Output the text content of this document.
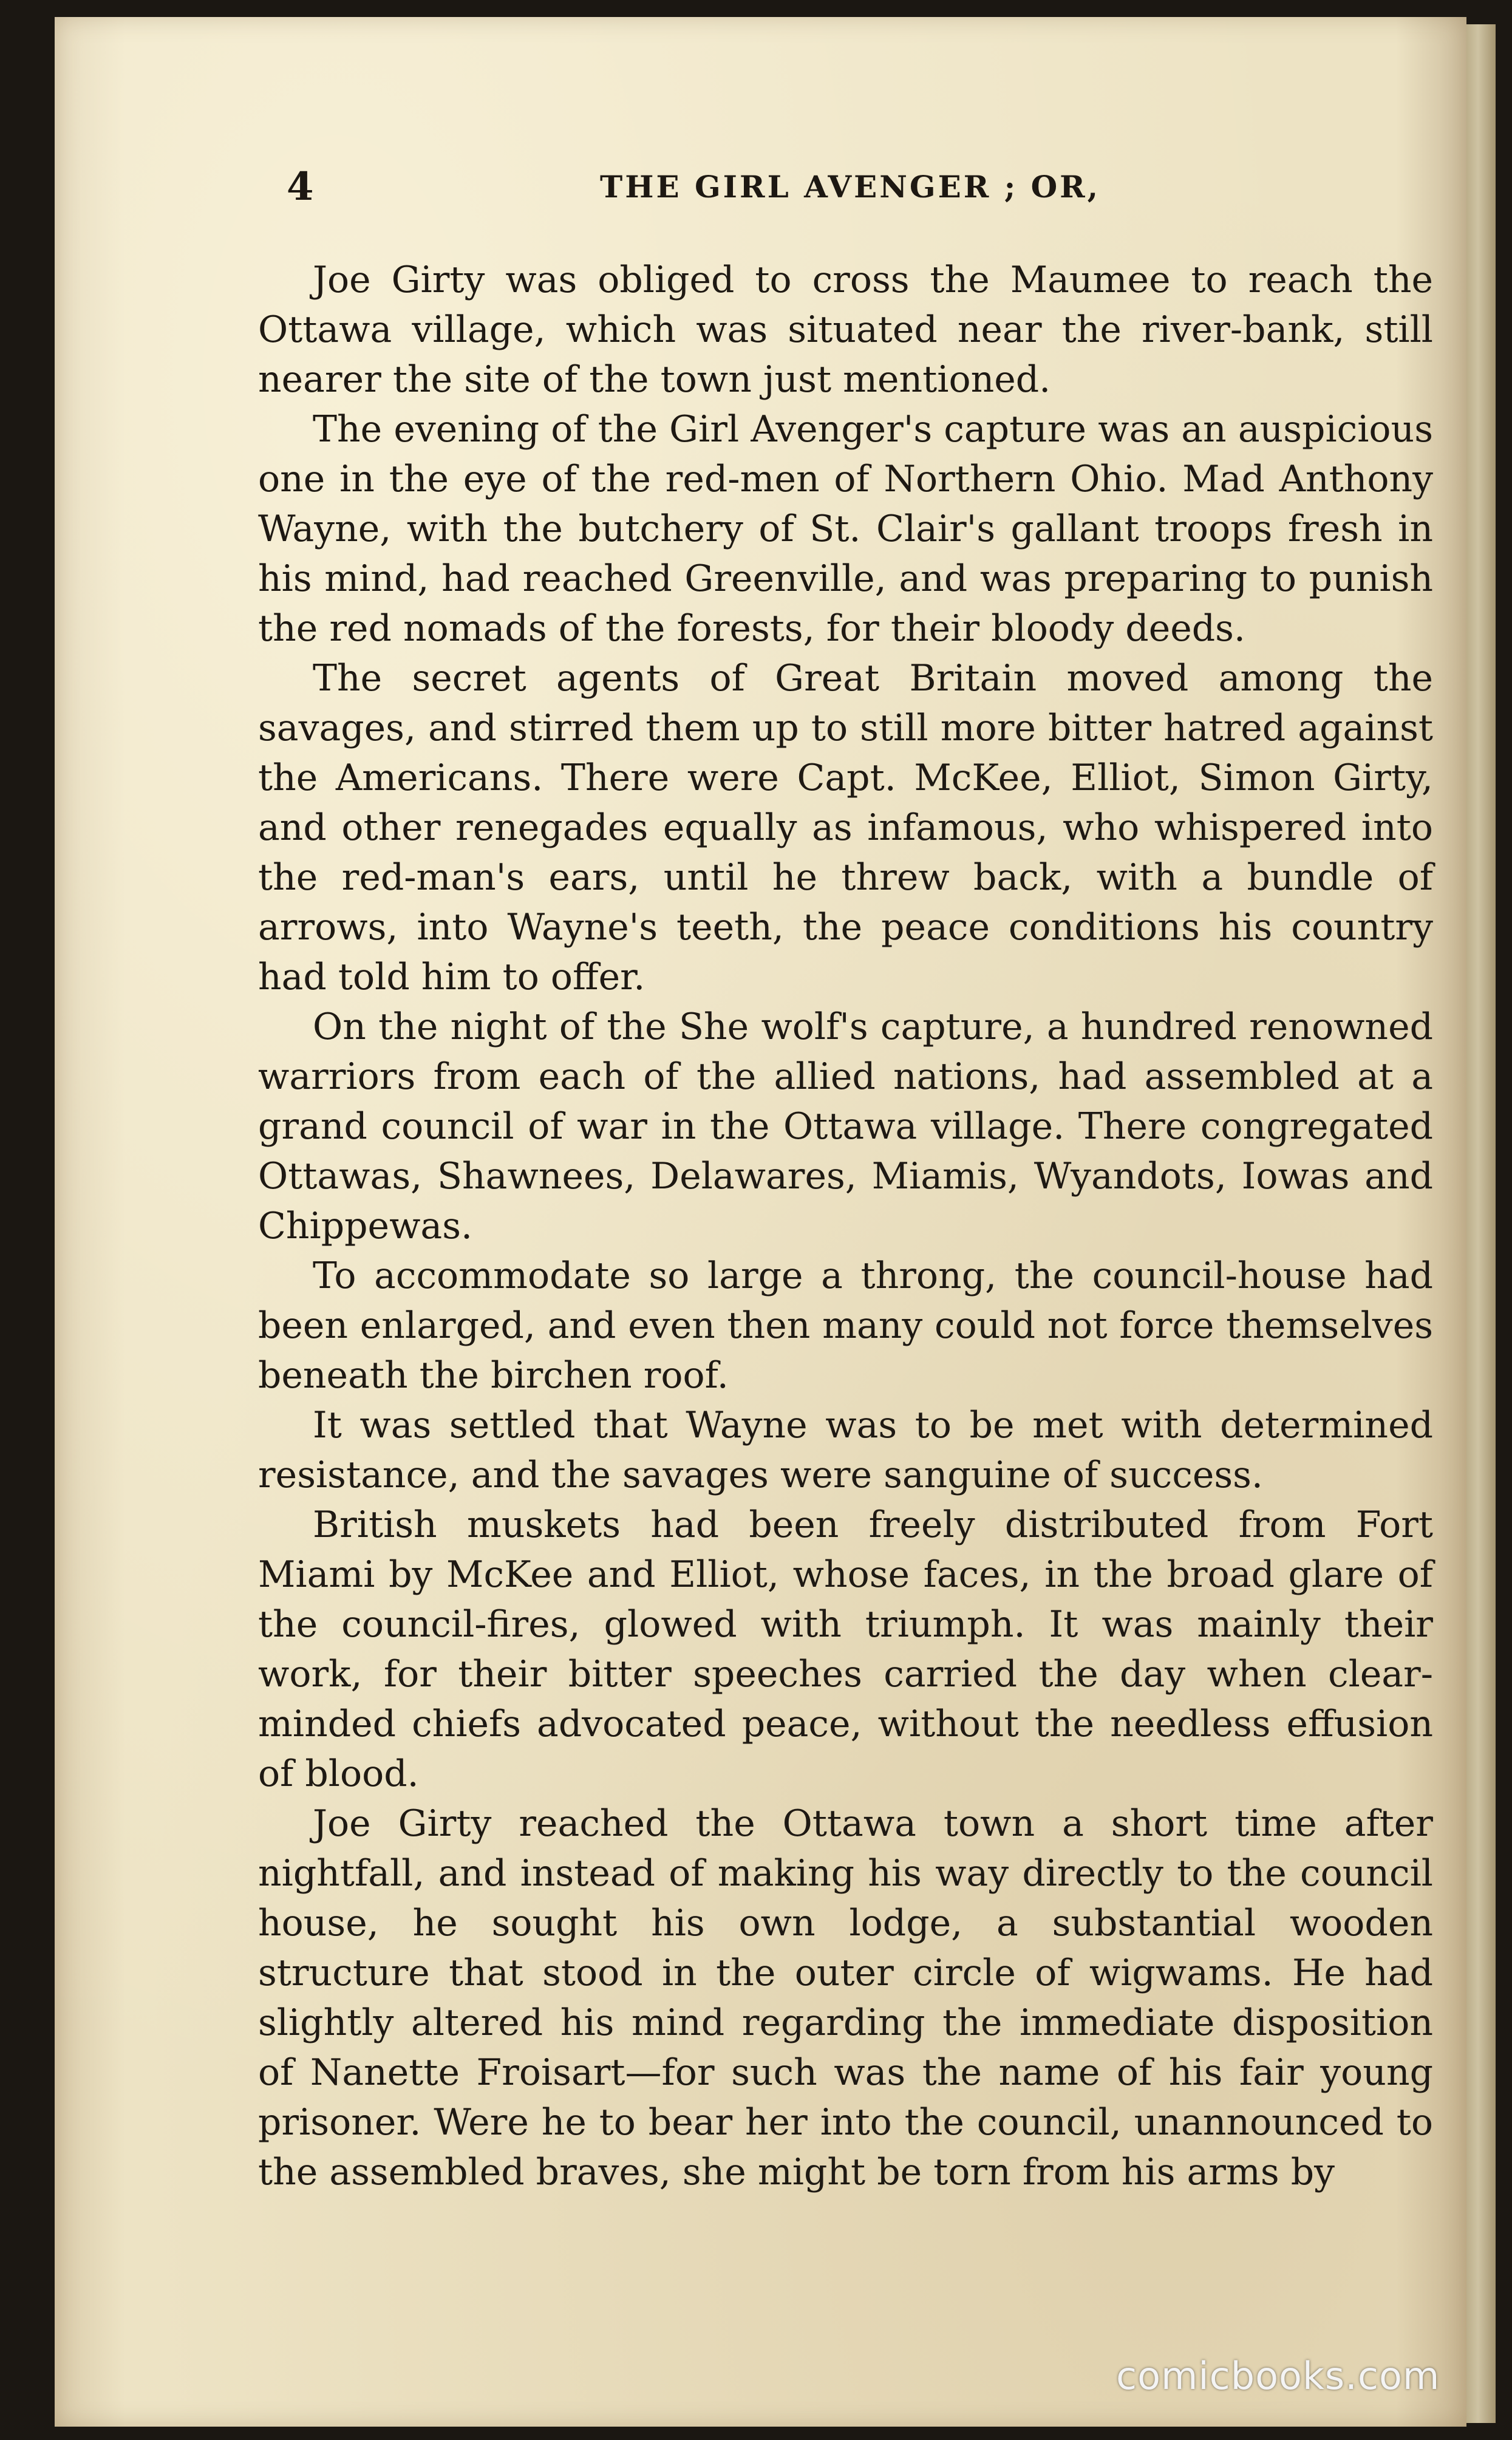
4	THE GIRL AVENGER ; OR,

Joe Girty was obliged to cross the Maumee to reach the Ottawa village, which was situated near the river-bank, still nearer the site of the town just mentioned.

The evening of the Girl Avenger's capture was an auspicious one in the eye of the red-men of Northern Ohio. Mad Anthony Wayne, with the butchery of St. Clair's gallant troops fresh in his mind, had reached Greenville, and was preparing to punish the red nomads of the forests, for their bloody deeds.

The secret agents of Great Britain moved among the savages, and stirred them up to still more bitter hatred against the Americans. There were Capt. McKee, Elliot, Simon Girty, and other renegades equally as infamous, who whispered into the red-man's ears, until he threw back, with a bundle of arrows, into Wayne's teeth, the peace conditions his country had told him to offer.

On the night of the She wolf's capture, a hundred renowned warriors from each of the allied nations, had assembled at a grand council of war in the Ottawa village. There congregated Ottawas, Shawnees, Delawares, Miamis, Wyandots, Iowas and Chippewas.

To accommodate so large a throng, the council-house had been enlarged, and even then many could not force themselves beneath the birchen roof.

It was settled that Wayne was to be met with determined resistance, and the savages were sanguine of success.

British muskets had been freely distributed from Fort Miami by McKee and Elliot, whose faces, in the broad glare of the council-fires, glowed with triumph. It was mainly their work, for their bitter speeches carried the day when clear-minded chiefs advocated peace, without the needless effusion of blood.

Joe Girty reached the Ottawa town a short time after nightfall, and instead of making his way directly to the council house, he sought his own lodge, a substantial wooden structure that stood in the outer circle of wigwams. He had slightly altered his mind regarding the immediate disposition of Nanette Froisart—for such was the name of his fair young prisoner. Were he to bear her into the council, unannounced to the assembled braves, she might be torn from his arms by

comicbooks.com
